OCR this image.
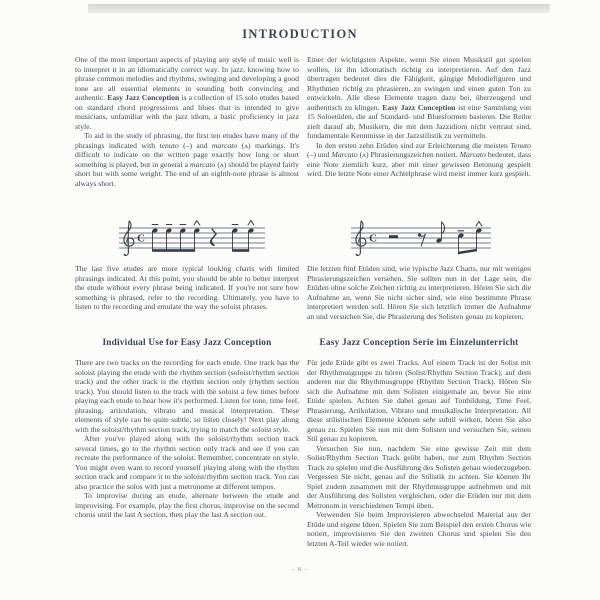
INTRODUCTION

One of the most important aspects of playing any style of music well is to interpret it in an idiomatically correct way. In jazz, knowing how to phrase common melodies and rhythms, swinging and developing a good tone are all essential elements in sounding both convincing and authentic. Easy Jazz Conception is a collection of 15 solo etudes based on standard chord progressions and blues that is intended to give musicians, unfamiliar with the jazz idiom, a basic proficiency in jazz style.

To aid in the study of phrasing, the first ten etudes have many of the phrasings indicated with tenuto (–) and marcato (ʌ) markings. It's difficult to indicate on the written page exactly how long or short something is played, but in general a marcato (ʌ) should be played fairly short but with some weight. The end of an eighth-note phrase is almost always short.

Einer der wichtigsten Aspekte, wenn Sie einen Musikstil gut spielen wollen, ist ihn idiomatisch richtig zu interpretieren. Auf den Jazz übertragen bedeutet dies die Fähigkeit, gängige Melodiefiguren und Rhythmen richtig zu phrasieren, zu swingen und einen guten Ton zu entwickeln. Alle diese Elemente tragen dazu bei, überzeugend und authentisch zu klingen. Easy Jazz Conception ist eine Sammlung von 15 Soloetüden, die auf Standard- und Bluesformen basieren. Die Reihe zielt darauf ab, Musikern, die mit dem Jazzidiom nicht vertraut sind, fundamentale Kenntnisse in der Jazzstilistik zu vermitteln.

In den ersten zehn Etüden sind zur Erleichterung die meisten Tenuto (–) und Marcato (ʌ) Phrasierungszeichen notiert. Marcato bedeutet, dass eine Note ziemlich kurz, aber mit einer gewissen Betonung gespielt wird. Die letzte Note einer Achtelphrase wird meist immer kurz gespielt.

C	C

The last five etudes are more typical looking charts with limited phrasings indicated. At this point, you should be able to better interpret the etude without every phrase being indicated. If you're not sure how something is phrased, refer to the recording. Ultimately, you have to listen to the recording and emulate the way the soloist phrases.

Die letzten fünf Etüden sind, wie typische Jazz Charts, nur mit wenigen Phrasierungszeichen versehen. Sie sollten nun in der Lage sein, die Etüden ohne solche Zeichen richtig zu interpretieren. Hören Sie sich die Aufnahme an, wenn Sie nicht sicher sind, wie eine bestimmte Phrase interpretiert werden soll. Hören Sie sich letztlich immer die Aufnahme an und versuchen Sie, die Phrasierung des Solisten genau zu kopieren.

Individual Use for Easy Jazz Conception	Easy Jazz Conception Serie im Einzelunterricht

There are two tracks on the recording for each etude. One track has the soloist playing the etude with the rhythm section (soloist/rhythm section track) and the other track is the rhythm section only (rhythm section track). You should listen to the track with the soloist a few times before playing each etude to hear how it's performed. Listen for tone, time feel, phrasing, articulation, vibrato and musical interpretation. These elements of style can be quite subtle, so listen closely! Next play along with the soloist/rhythm section track, trying to match the soloist style.

After you've played along with the soloist/rhythm section track several times, go to the rhythm section only track and see if you can recreate the performance of the soloist. Remember, concentrate on style. You might even want to record yourself playing along with the rhythm section track and compare it to the soloist/rhythm section track. You can also practice the solos with just a metronome at different tempos.

To improvise during an etude, alternate between the etude and improvising. For example, play the first chorus, improvise on the second chorus until the last A section, then play the last A section out.

Für jede Etüde gibt es zwei Tracks. Auf einem Track ist der Solist mit der Rhythmusgruppe zu hören (Solist/Rhythm Section Track), auf dem anderen nur die Rhythmusgruppe (Rhythm Section Track). Hören Sie sich die Aufnahme mit dem Solisten einigemale an, bevor Sie eine Etüde spielen. Achten Sie dabei genau auf Tonbildung, Time Feel, Phrasierung, Artikulation, Vibrato und musikalische Interpretation. All diese stilistischen Elemente können sehr subtil wirken, hören Sie also genau zu. Spielen Sie nun mit dem Solisten und versuchen Sie, seinen Stil genau zu kopieren.

Versuchen Sie nun, nachdem Sie eine gewisse Zeit mit dem Solist/Rhythm Section Track geübt haben, nur zum Rhythm Section Track zu spielen und die Ausführung des Solisten genau wiederzugeben. Vergessen Sie nicht, genau auf die Stilistik zu achten. Sie können Ihr Spiel zudem zusammen mit der Rhythmusgruppe aufnehmen und mit der Ausführung des Solisten vergleichen, oder die Etüden nur mit dem Metronom in verschiedenen Tempi üben.

Verwenden Sie beim Improvisieren abwechselnd Material aus der Etüde und eigene Ideen. Spielen Sie zum Beispiel den ersten Chorus wie notiert, improvisieren Sie den zweiten Chorus und spielen Sie den letzten A-Teil wieder wie notiert.

- 6 -
